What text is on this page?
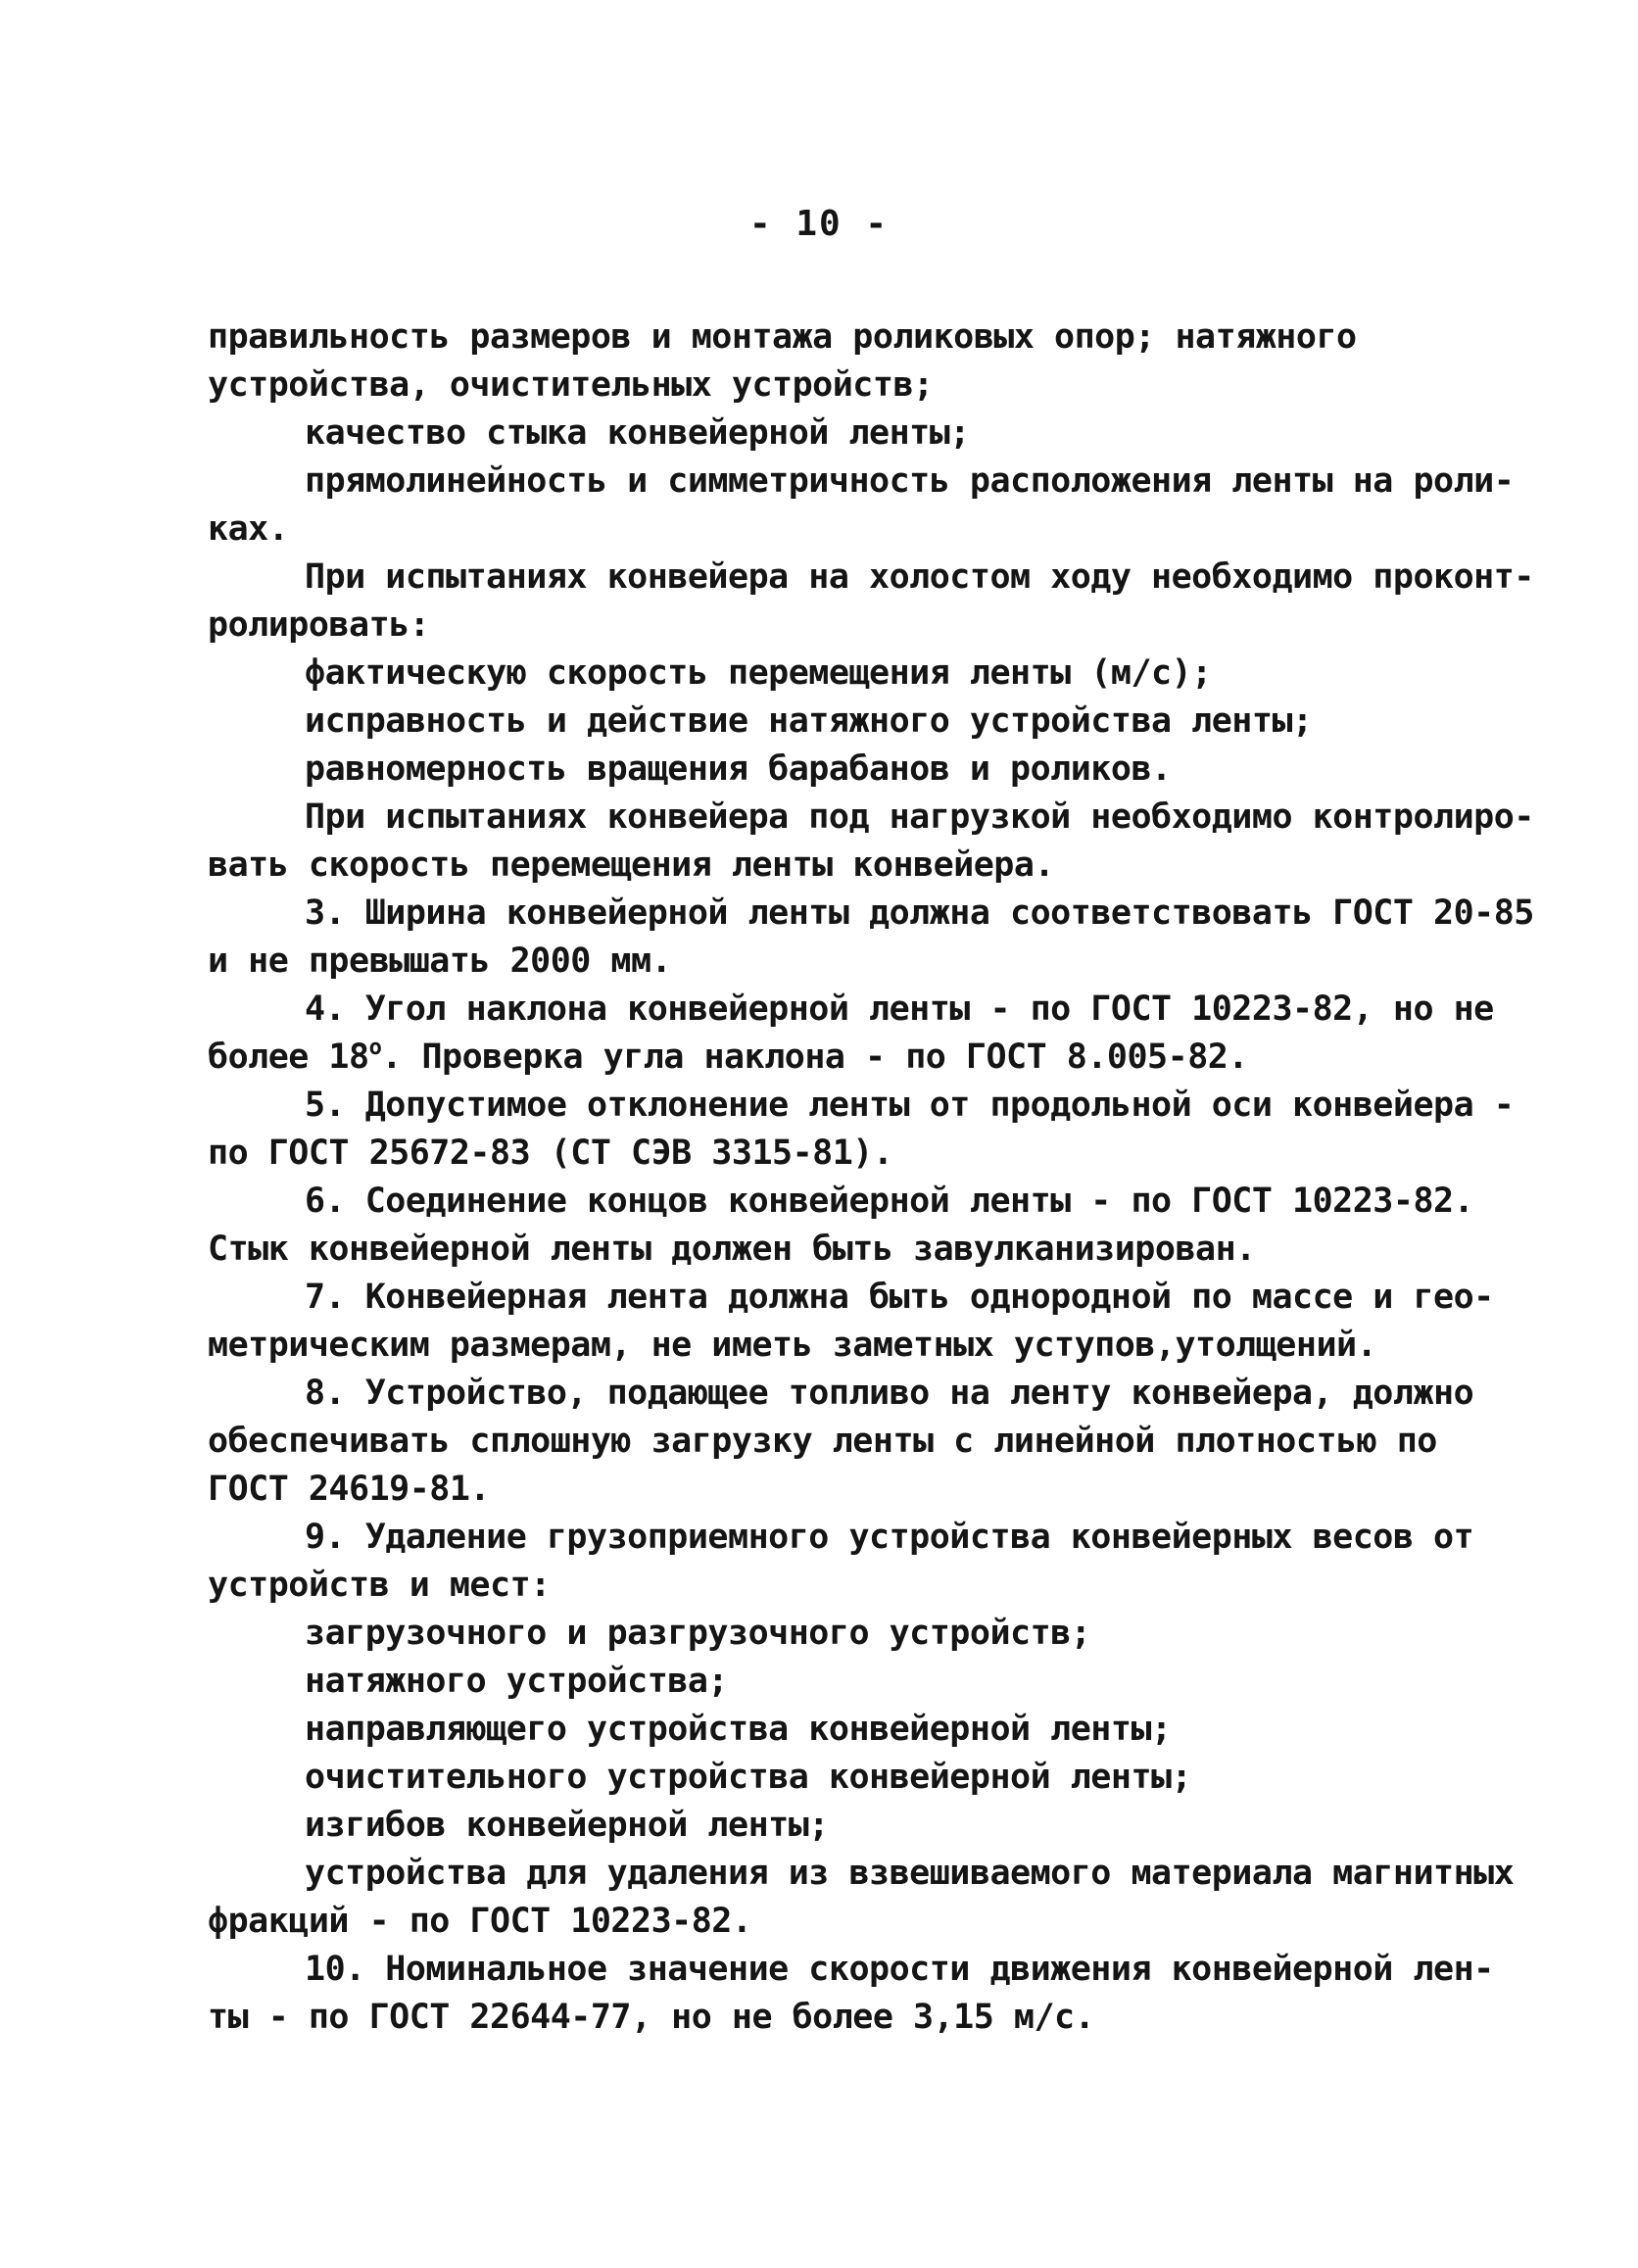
- 10 -
правильность размеров и монтажа роликовых опор; натяжного
устройства, очистительных устройств;
качество стыка конвейерной ленты;
прямолинейность и симметричность расположения ленты на роли-
ках.
При испытаниях конвейера на холостом ходу необходимо проконт-
ролировать:
фактическую скорость перемещения ленты (м/с);
исправность и действие натяжного устройства ленты;
равномерность вращения барабанов и роликов.
При испытаниях конвейера под нагрузкой необходимо контролиро-
вать скорость перемещения ленты конвейера.
3. Ширина конвейерной ленты должна соответствовать ГОСТ 20-85
и не превышать 2000 мм.
4. Угол наклона конвейерной ленты - по ГОСТ 10223-82, но не
более $18^о$. Проверка угла наклона - по ГОСТ 8.005-82.
5. Допустимое отклонение ленты от продольной оси конвейера -
по ГОСТ 25672-83 (СТ СЭВ 3315-81).
6. Соединение концов конвейерной ленты - по ГОСТ 10223-82.
Стык конвейерной ленты должен быть завулканизирован.
7. Конвейерная лента должна быть однородной по массе и гео-
метрическим размерам, не иметь заметных уступов,утолщений.
8. Устройство, подающее топливо на ленту конвейера, должно
обеспечивать сплошную загрузку ленты с линейной плотностью по
ГОСТ 24619-81.
9. Удаление грузоприемного устройства конвейерных весов от
устройств и мест:
загрузочного и разгрузочного устройств;
натяжного устройства;
направляющего устройства конвейерной ленты;
очистительного устройства конвейерной ленты;
изгибов конвейерной ленты;
устройства для удаления из взвешиваемого материала магнитных
фракций - по ГОСТ 10223-82.
10. Номинальное значение скорости движения конвейерной лен-
ты - по ГОСТ 22644-77, но не более 3,15 м/с.
